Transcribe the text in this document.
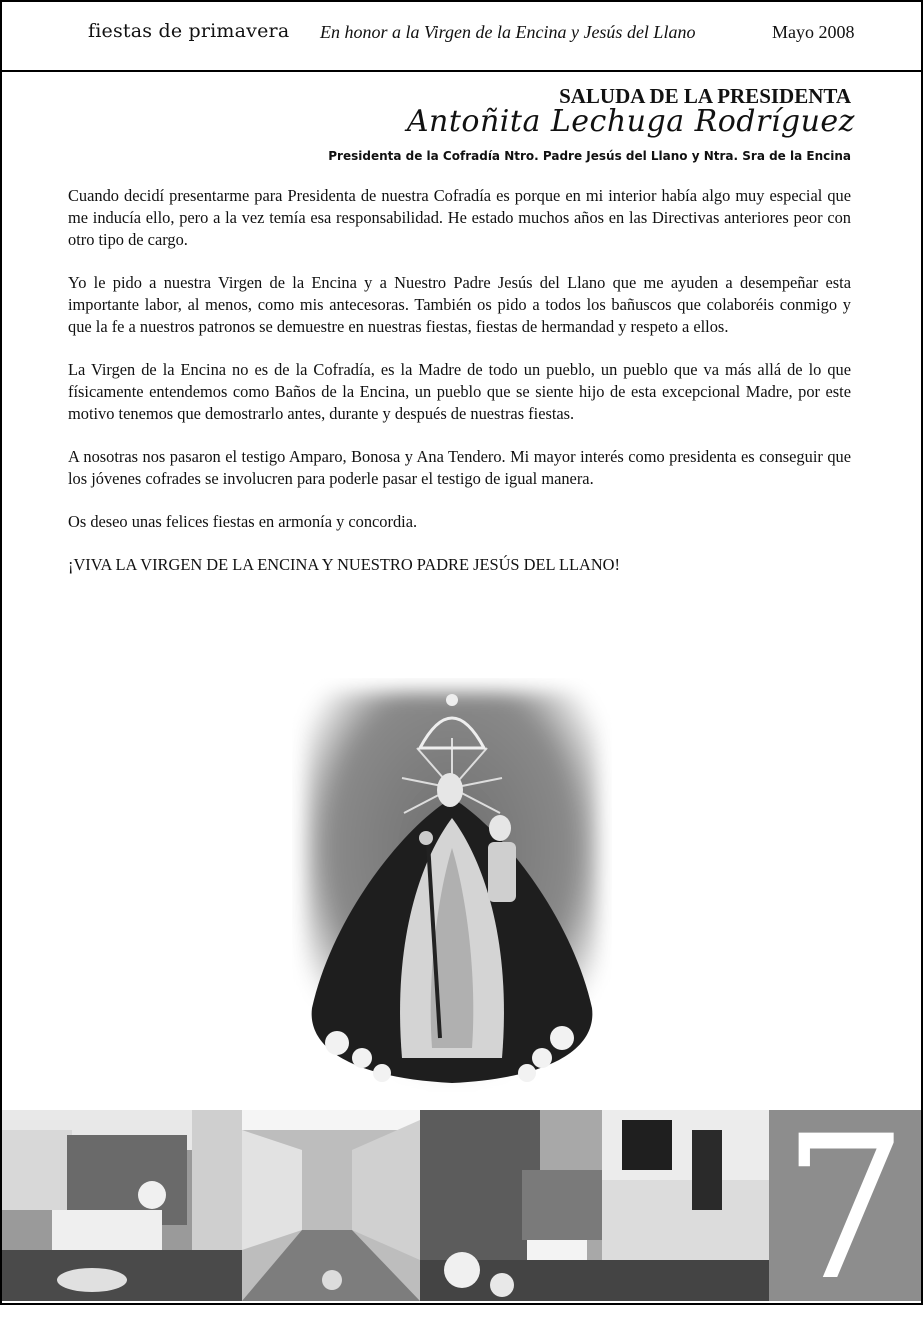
fiestas de primavera En honor a la Virgen de la Encina y Jesús del Llano	Mayo 2008
SALUDA DE LA PRESIDENTA
Antoñita Lechuga Rodríguez
Presidenta de la Cofradía Ntro. Padre Jesús del Llano y Ntra. Sra de la Encina

Cuando decidí presentarme para Presidenta de nuestra Cofradía es porque en mi interior había algo muy especial que me inducía ello, pero a la vez temía esa responsabilidad. He estado muchos años en las Directivas anteriores peor con otro tipo de cargo.

Yo le pido a nuestra Virgen de la Encina y a Nuestro Padre Jesús del Llano que me ayuden a desempeñar esta importante labor, al menos, como mis antecesoras. También os pido a todos los bañuscos que colaboréis conmigo y que la fe a nuestros patronos se demuestre en nuestras fiestas, fiestas de hermandad y respeto a ellos.

La Virgen de la Encina no es de la Cofradía, es la Madre de todo un pueblo, un pueblo que va más allá de lo que físicamente entendemos como Baños de la Encina, un pueblo que se siente hijo de esta excepcional Madre, por este motivo tenemos que demostrarlo antes, durante y después de nuestras fiestas.

A nosotras nos pasaron el testigo Amparo, Bonosa y Ana Tendero. Mi mayor interés como presidenta es conseguir que los jóvenes cofrades se involucren para poderle pasar el testigo de igual manera.

Os deseo unas felices fiestas en armonía y concordia.

¡VIVA LA VIRGEN DE LA ENCINA Y NUESTRO PADRE JESÚS DEL LLANO!

7
